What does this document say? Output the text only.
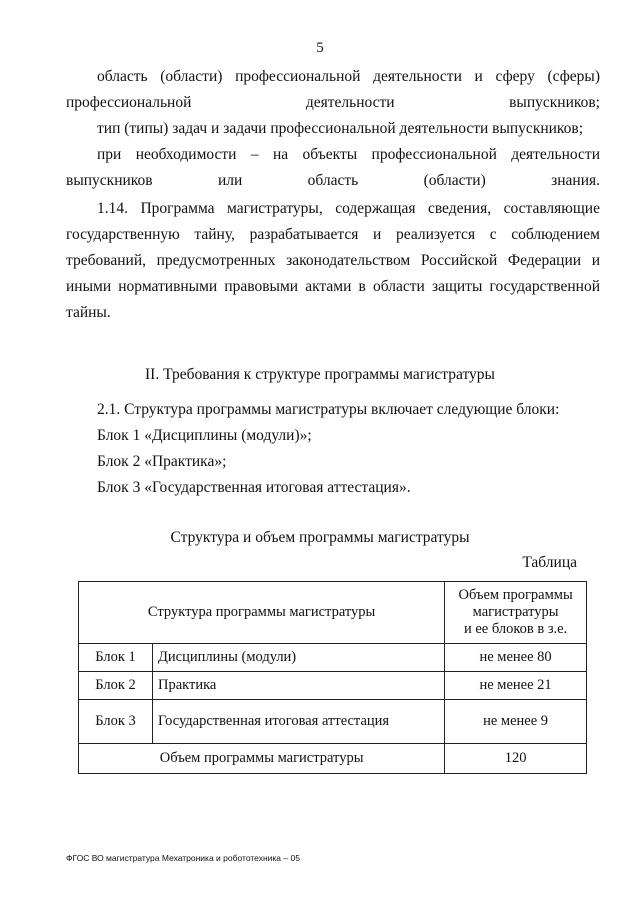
5
область (области) профессиональной деятельности и сферу (сферы) профессиональной деятельности выпускников;
тип (типы) задач и задачи профессиональной деятельности выпускников;
при необходимости – на объекты профессиональной деятельности выпускников или область (области) знания.
1.14. Программа магистратуры, содержащая сведения, составляющие государственную тайну, разрабатывается и реализуется с соблюдением требований, предусмотренных законодательством Российской Федерации и иными нормативными правовыми актами в области защиты государственной тайны.
II. Требования к структуре программы магистратуры
2.1. Структура программы магистратуры включает следующие блоки:
Блок 1 «Дисциплины (модули)»;
Блок 2 «Практика»;
Блок 3 «Государственная итоговая аттестация».
Структура и объем программы магистратуры
Таблица
Структура программы магистратуры		Объем программы
магистратуры
и ее блоков в з.е.

Блок 1	Дисциплины (модули)	не менее 80
Блок 2	Практика	не менее 21
Блок 3	Государственная итоговая аттестация	не менее 9
Объем программы магистратуры		120
ФГОС ВО магистратура Мехатроника и робототехника – 05
